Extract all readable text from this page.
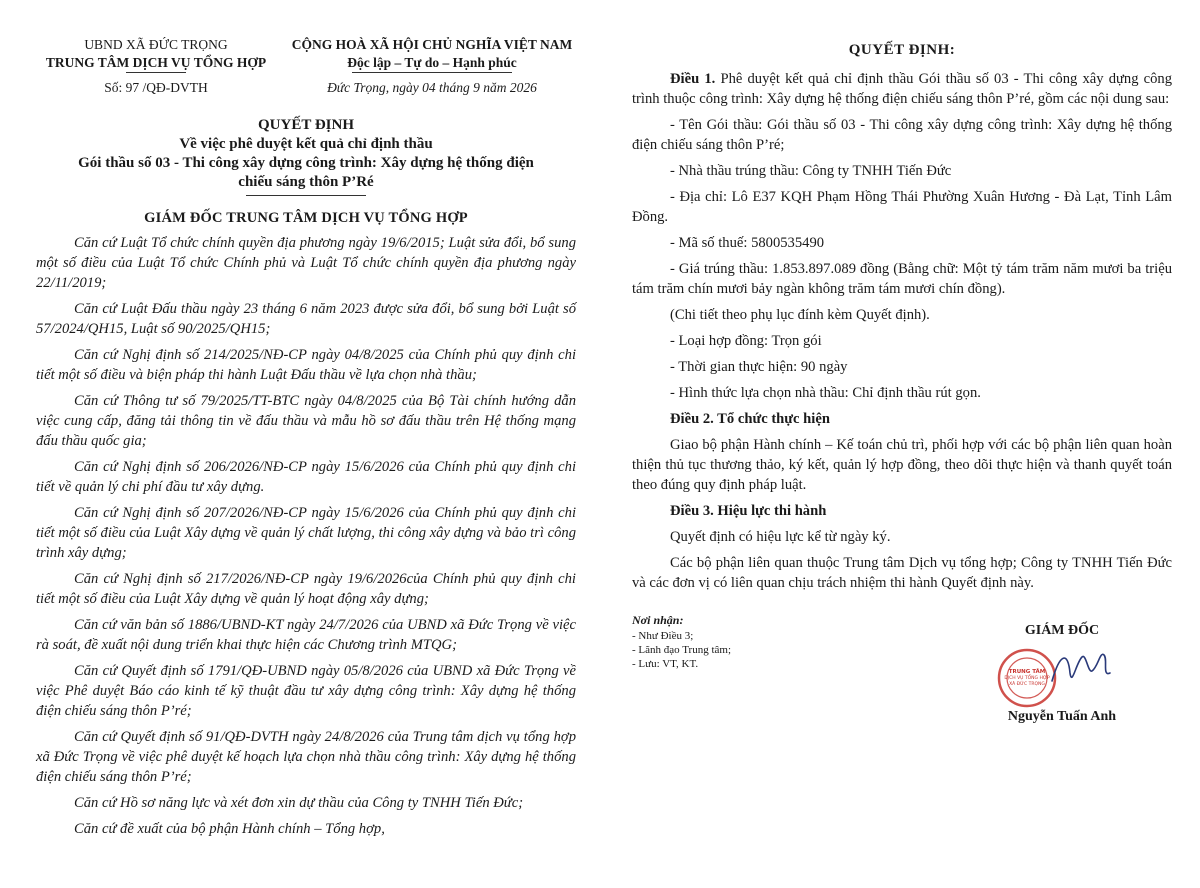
UBND XÃ ĐỨC TRỌNG
TRUNG TÂM DỊCH VỤ TỔNG HỢP
Số: 97 /QĐ-DVTH
CỘNG HOÀ XÃ HỘI CHỦ NGHĨA VIỆT NAM
Độc lập – Tự do – Hạnh phúc
Đức Trọng, ngày 04 tháng 9 năm 2026
QUYẾT ĐỊNH
Về việc phê duyệt kết quả chỉ định thầu
Gói thầu số 03 - Thi công xây dựng công trình: Xây dựng hệ thống điện
chiếu sáng thôn P’Ré
GIÁM ĐỐC TRUNG TÂM DỊCH VỤ TỔNG HỢP

Căn cứ Luật Tổ chức chính quyền địa phương ngày 19/6/2015; Luật sửa đổi, bổ sung một số điều của Luật Tổ chức Chính phủ và Luật Tổ chức chính quyền địa phương ngày 22/11/2019;

Căn cứ Luật Đấu thầu ngày 23 tháng 6 năm 2023 được sửa đổi, bổ sung bởi Luật số 57/2024/QH15, Luật số 90/2025/QH15;

Căn cứ Nghị định số 214/2025/NĐ-CP ngày 04/8/2025 của Chính phủ quy định chi tiết một số điều và biện pháp thi hành Luật Đấu thầu về lựa chọn nhà thầu;

Căn cứ Thông tư số 79/2025/TT-BTC ngày 04/8/2025 của Bộ Tài chính hướng dẫn việc cung cấp, đăng tải thông tin về đấu thầu và mẫu hồ sơ đấu thầu trên Hệ thống mạng đấu thầu quốc gia;

Căn cứ Nghị định số 206/2026/NĐ-CP ngày 15/6/2026 của Chính phủ quy định chi tiết về quản lý chi phí đầu tư xây dựng.

Căn cứ Nghị định số 207/2026/NĐ-CP ngày 15/6/2026 của Chính phủ quy định chi tiết một số điều của Luật Xây dựng về quản lý chất lượng, thi công xây dựng và bảo trì công trình xây dựng;

Căn cứ Nghị định số 217/2026/NĐ-CP ngày 19/6/2026của Chính phủ quy định chi tiết một số điều của Luật Xây dựng về quản lý hoạt động xây dựng;

Căn cứ văn bản số 1886/UBND-KT ngày 24/7/2026 của UBND xã Đức Trọng về việc rà soát, đề xuất nội dung triển khai thực hiện các Chương trình MTQG;

Căn cứ Quyết định số 1791/QĐ-UBND ngày 05/8/2026 của UBND xã Đức Trọng về việc Phê duyệt Báo cáo kinh tế kỹ thuật đầu tư xây dựng công trình: Xây dựng hệ thống điện chiếu sáng thôn P’ré;

Căn cứ Quyết định số 91/QĐ-DVTH ngày 24/8/2026 của Trung tâm dịch vụ tổng hợp xã Đức Trọng về việc phê duyệt kế hoạch lựa chọn nhà thầu công trình: Xây dựng hệ thống điện chiếu sáng thôn P’ré;

Căn cứ Hồ sơ năng lực và xét đơn xin dự thầu của Công ty TNHH Tiến Đức;

Căn cứ đề xuất của bộ phận Hành chính – Tổng hợp,

QUYẾT ĐỊNH:

Điều 1. Phê duyệt kết quả chỉ định thầu Gói thầu số 03 - Thi công xây dựng công trình thuộc công trình: Xây dựng hệ thống điện chiếu sáng thôn P’ré, gồm các nội dung sau:

- Tên Gói thầu: Gói thầu số 03 - Thi công xây dựng công trình: Xây dựng hệ thống điện chiếu sáng thôn P’ré;

- Nhà thầu trúng thầu: Công ty TNHH Tiến Đức

- Địa chỉ: Lô E37 KQH Phạm Hồng Thái Phường Xuân Hương - Đà Lạt, Tỉnh Lâm Đồng.

- Mã số thuế: 5800535490

- Giá trúng thầu: 1.853.897.089 đồng (Bằng chữ: Một tỷ tám trăm năm mươi ba triệu tám trăm chín mươi bảy ngàn không trăm tám mươi chín đồng).

(Chi tiết theo phụ lục đính kèm Quyết định).

- Loại hợp đồng: Trọn gói

- Thời gian thực hiện: 90 ngày

- Hình thức lựa chọn nhà thầu: Chỉ định thầu rút gọn.

Điều 2. Tổ chức thực hiện

Giao bộ phận Hành chính – Kế toán chủ trì, phối hợp với các bộ phận liên quan hoàn thiện thủ tục thương thảo, ký kết, quản lý hợp đồng, theo dõi thực hiện và thanh quyết toán theo đúng quy định pháp luật.

Điều 3. Hiệu lực thi hành

Quyết định có hiệu lực kể từ ngày ký.

Các bộ phận liên quan thuộc Trung tâm Dịch vụ tổng hợp; Công ty TNHH Tiến Đức và các đơn vị có liên quan chịu trách nhiệm thi hành Quyết định này.

Nơi nhận:
- Như Điều 3;
- Lãnh đạo Trung tâm;
- Lưu: VT, KT.
GIÁM ĐỐC
TRUNG TÂM
DỊCH VỤ TỔNG HỢP
XÃ ĐỨC TRỌNG
Nguyễn Tuấn Anh
